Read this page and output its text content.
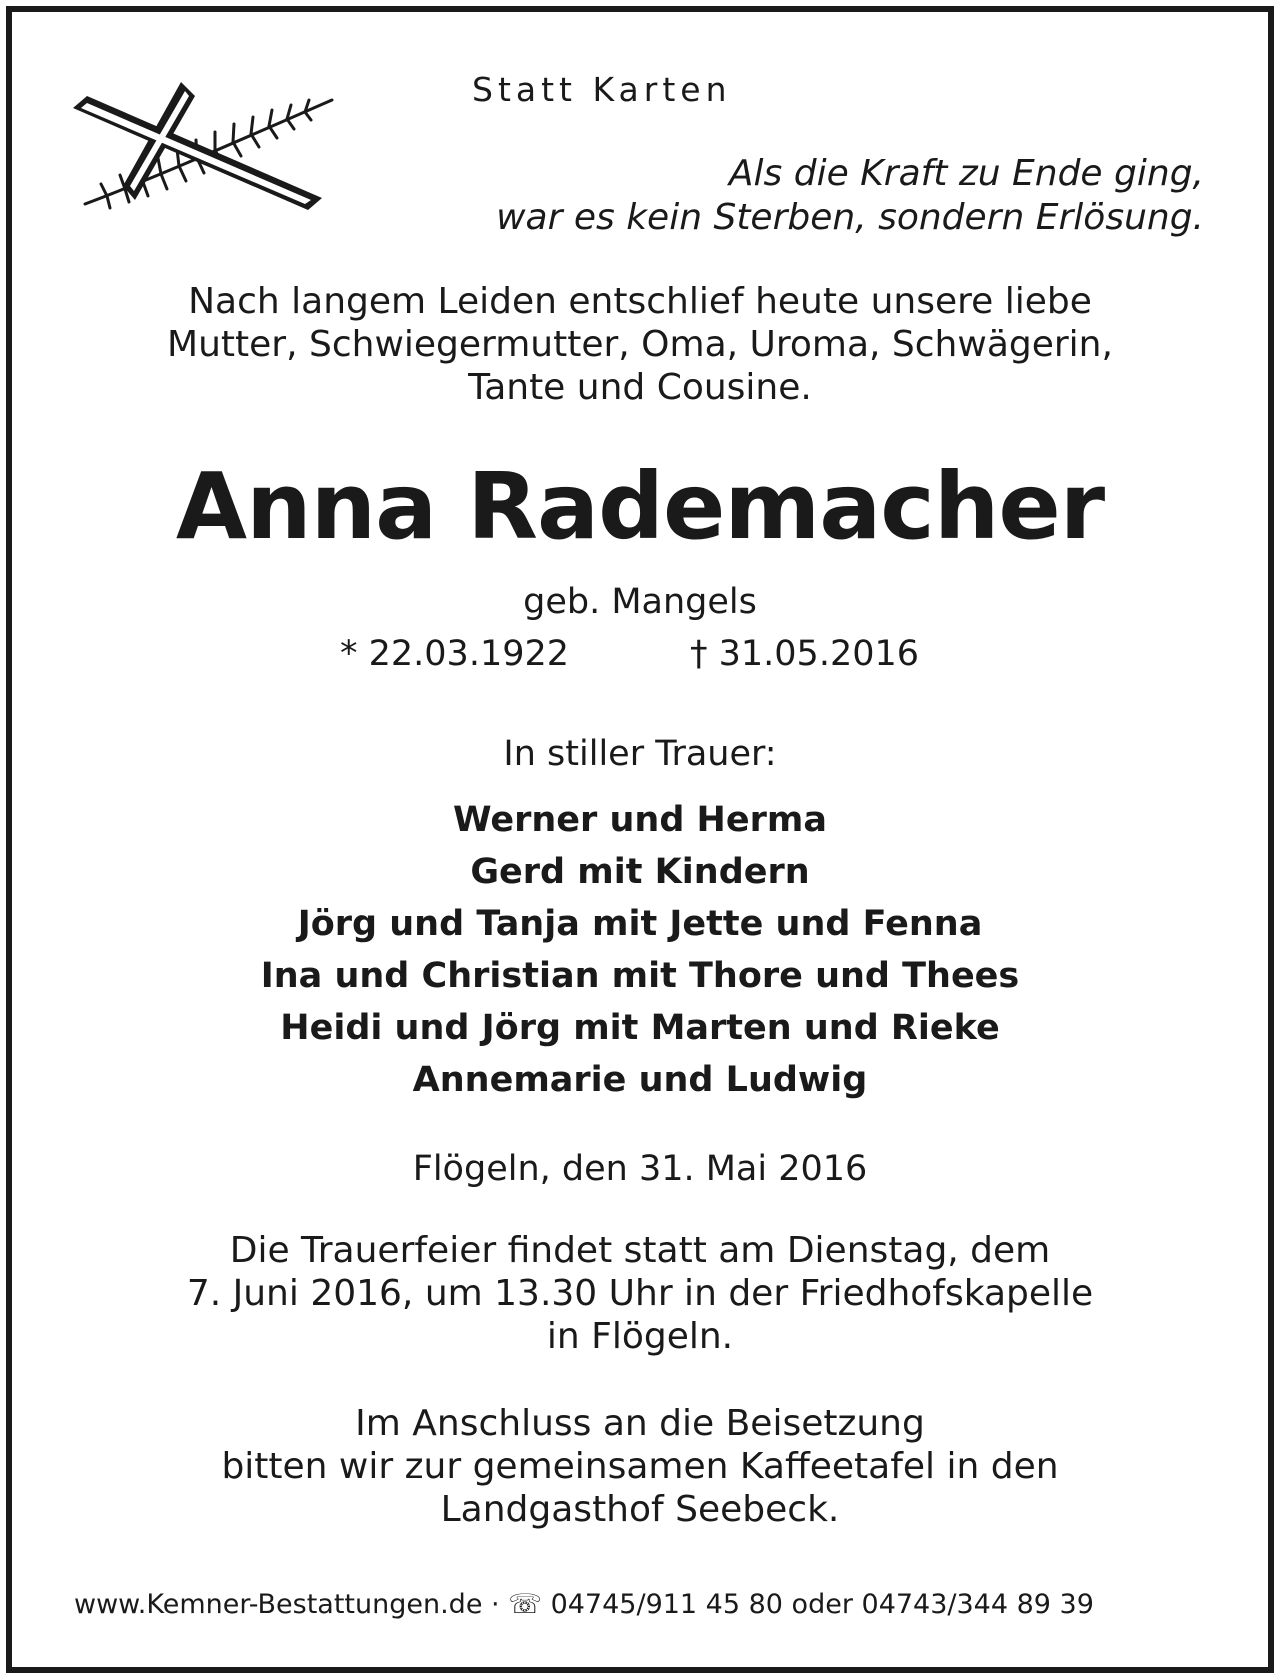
Statt Karten
Als die Kraft zu Ende ging,
war es kein Sterben, sondern Erlösung.
Nach langem Leiden entschlief heute unsere liebe
Mutter, Schwiegermutter, Oma, Uroma, Schwägerin,
Tante und Cousine.
Anna Rademacher
geb. Mangels
* 22.03.1922	† 31.05.2016
In stiller Trauer:
Werner und Herma
Gerd mit Kindern
Jörg und Tanja mit Jette und Fenna
Ina und Christian mit Thore und Thees
Heidi und Jörg mit Marten und Rieke
Annemarie und Ludwig
Flögeln, den 31. Mai 2016
Die Trauerfeier findet statt am Dienstag, dem
7. Juni 2016, um 13.30 Uhr in der Friedhofskapelle
in Flögeln.
Im Anschluss an die Beisetzung
bitten wir zur gemeinsamen Kaffeetafel in den
Landgasthof Seebeck.
www.Kemner-Bestattungen.de · ☏ 04745/911 45 80 oder 04743/344 89 39
